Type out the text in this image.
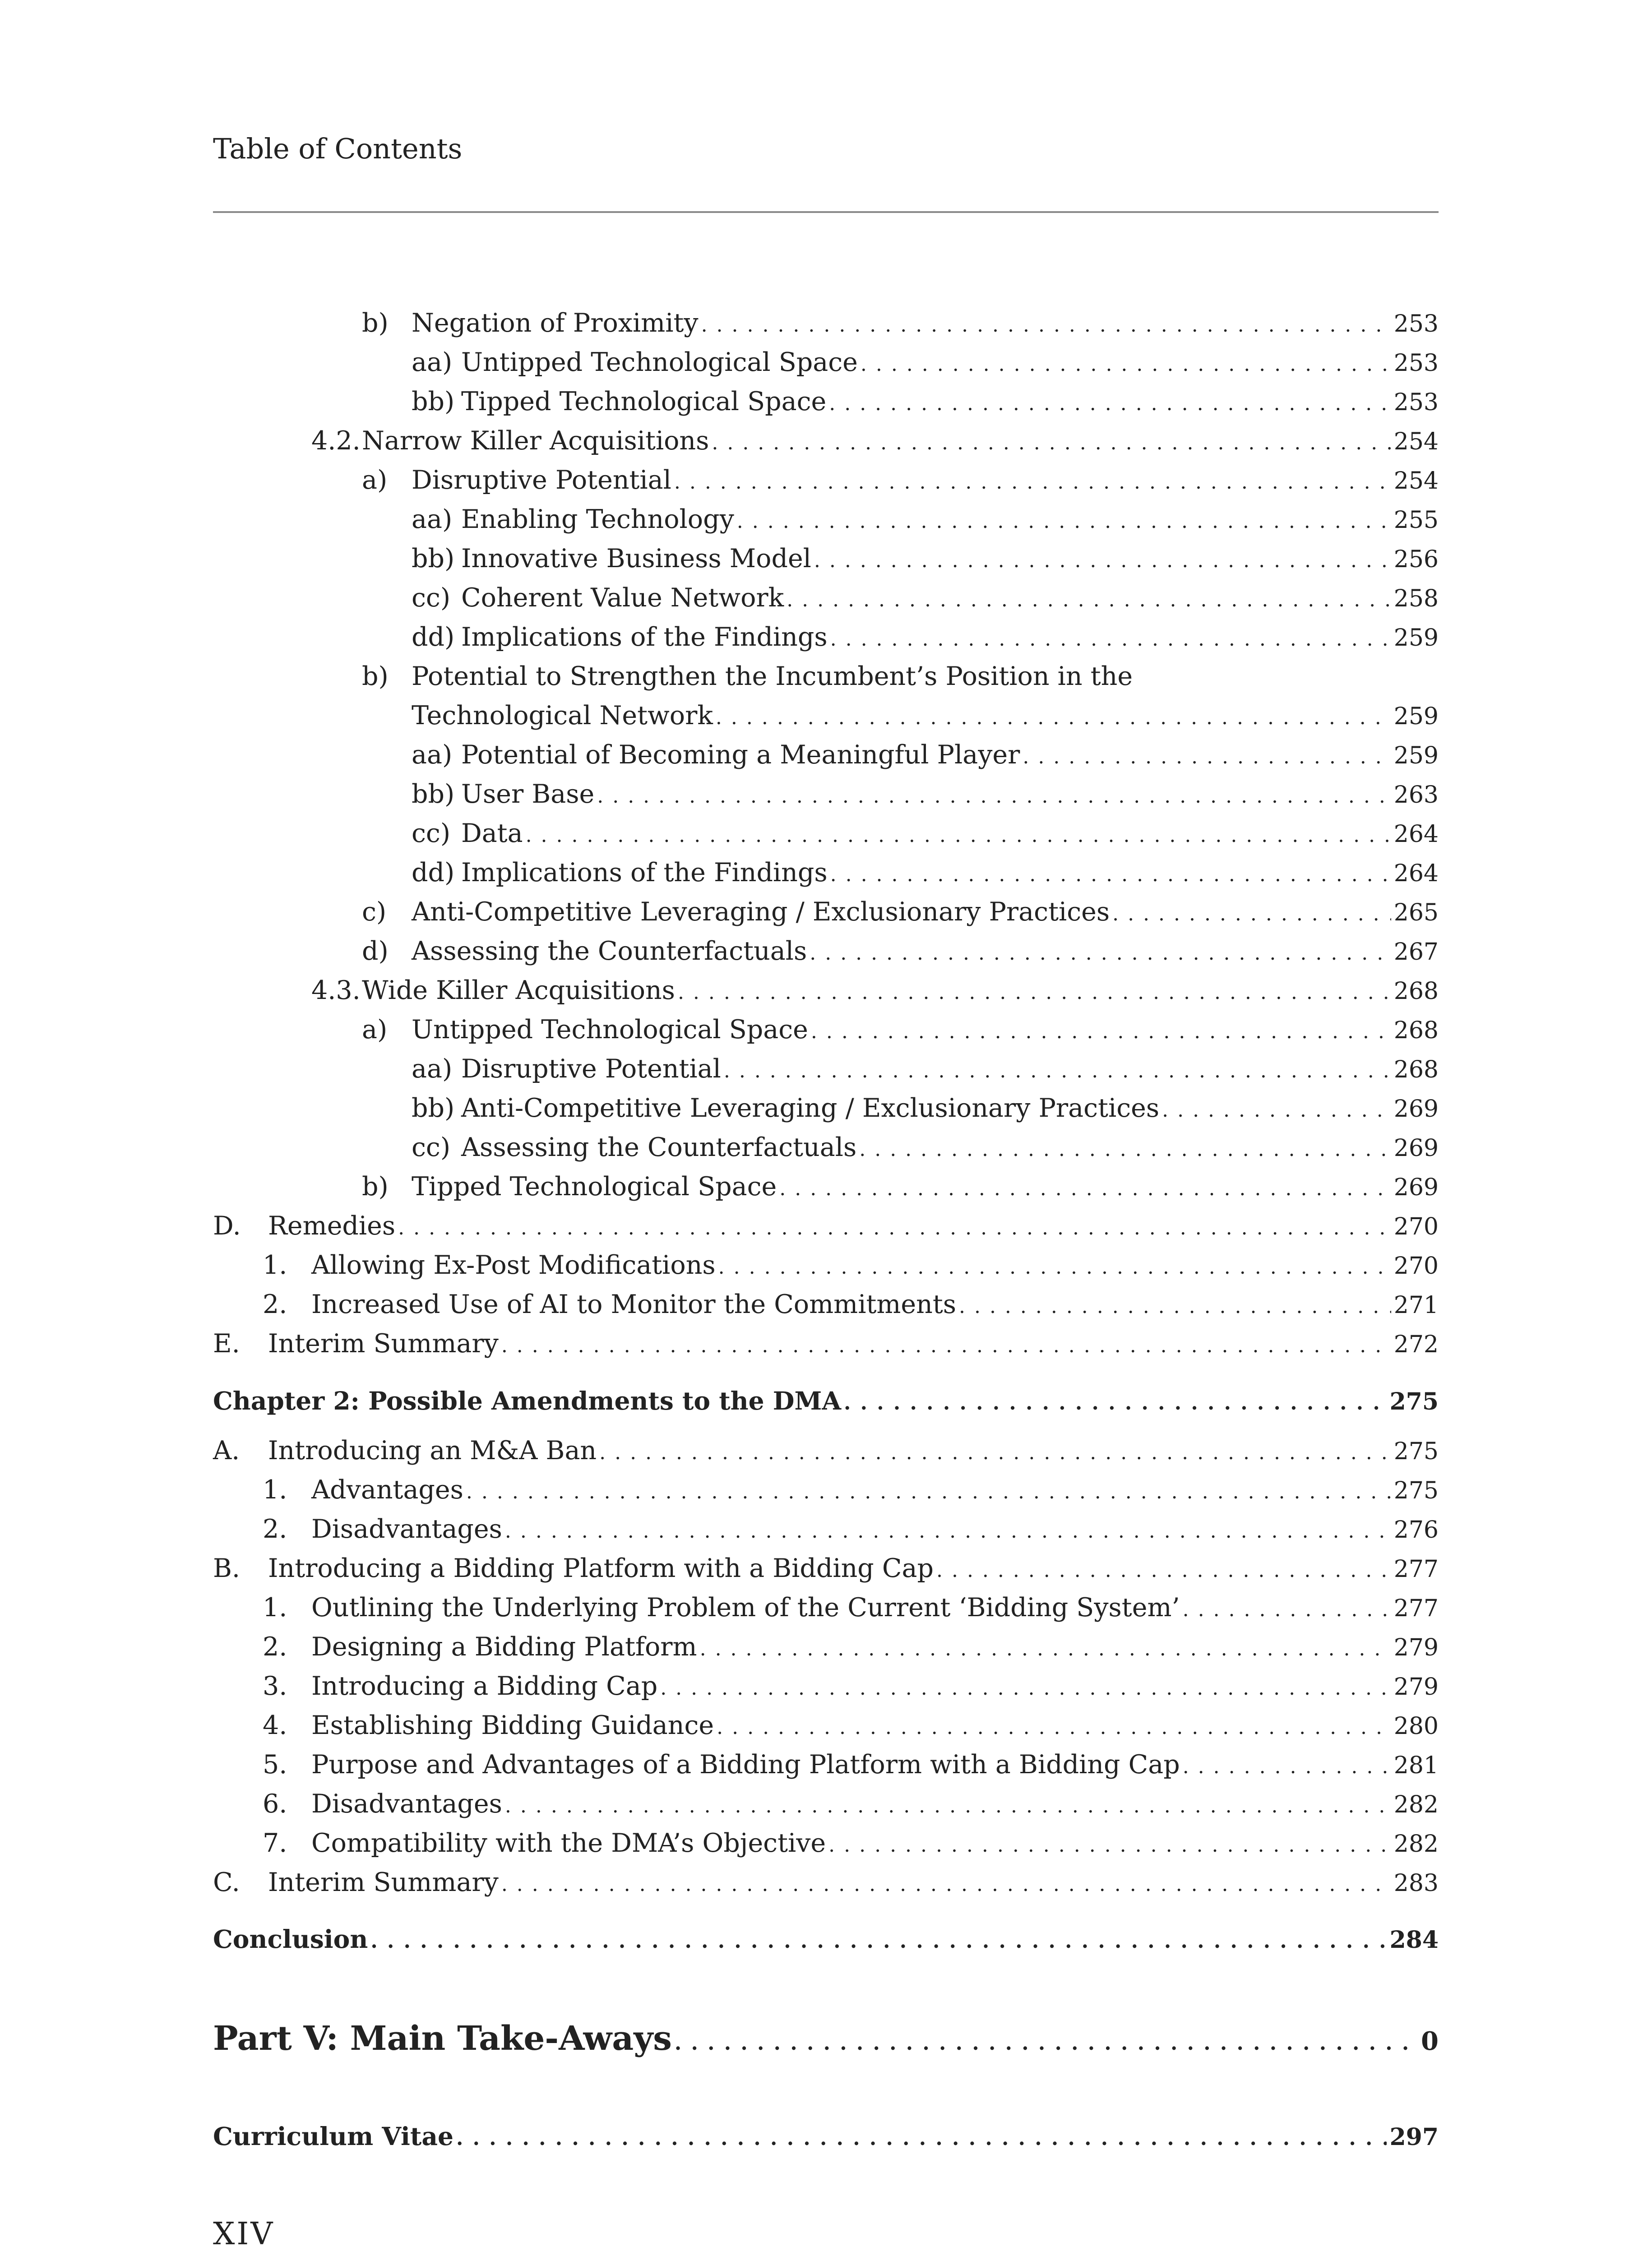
Table of Contents
b) Negation of Proximity . . .	253
aa) Untipped Technological Space . . .	253
bb) Tipped Technological Space . . .	253
4.2. Narrow Killer Acquisitions . . .	254
a) Disruptive Potential . . .	254
aa) Enabling Technology . . .	255
bb) Innovative Business Model . . .	256
cc) Coherent Value Network . . .	258
dd) Implications of the Findings . . .	259
b) Potential to Strengthen the Incumbent’s Position in the
Technological Network . . .	259
aa) Potential of Becoming a Meaningful Player . . .	259
bb) User Base . . .	263
cc) Data . . .	264
dd) Implications of the Findings . . .	264
c) Anti-Competitive Leveraging / Exclusionary Practices . . .	265
d) Assessing the Counterfactuals . . .	267
4.3. Wide Killer Acquisitions . . .	268
a) Untipped Technological Space . . .	268
aa) Disruptive Potential . . .	268
bb) Anti-Competitive Leveraging / Exclusionary Practices . . .	269
cc) Assessing the Counterfactuals . . .	269
b) Tipped Technological Space . . .	269
D.	Remedies . . .	270
1. Allowing Ex-Post Modifications . . .	270
2. Increased Use of AI to Monitor the Commitments . . .	271
E.	Interim Summary . . .	272
Chapter 2: Possible Amendments to the DMA . . .	275
A.	Introducing an M&A Ban . . .	275
1. Advantages . . .	275
2. Disadvantages . . .	276
B.	Introducing a Bidding Platform with a Bidding Cap . . .	277
1. Outlining the Underlying Problem of the Current ‘Bidding System’ . . .	277
2. Designing a Bidding Platform . . .	279
3. Introducing a Bidding Cap . . .	279
4. Establishing Bidding Guidance . . .	280
5. Purpose and Advantages of a Bidding Platform with a Bidding Cap . . .	281
6. Disadvantages . . .	282
7. Compatibility with the DMA’s Objective . . .	282
C.	Interim Summary . . .	283
Conclusion . . .	284
Part V: Main Take-Aways . . .	0
Curriculum Vitae . . .	297
XIV
